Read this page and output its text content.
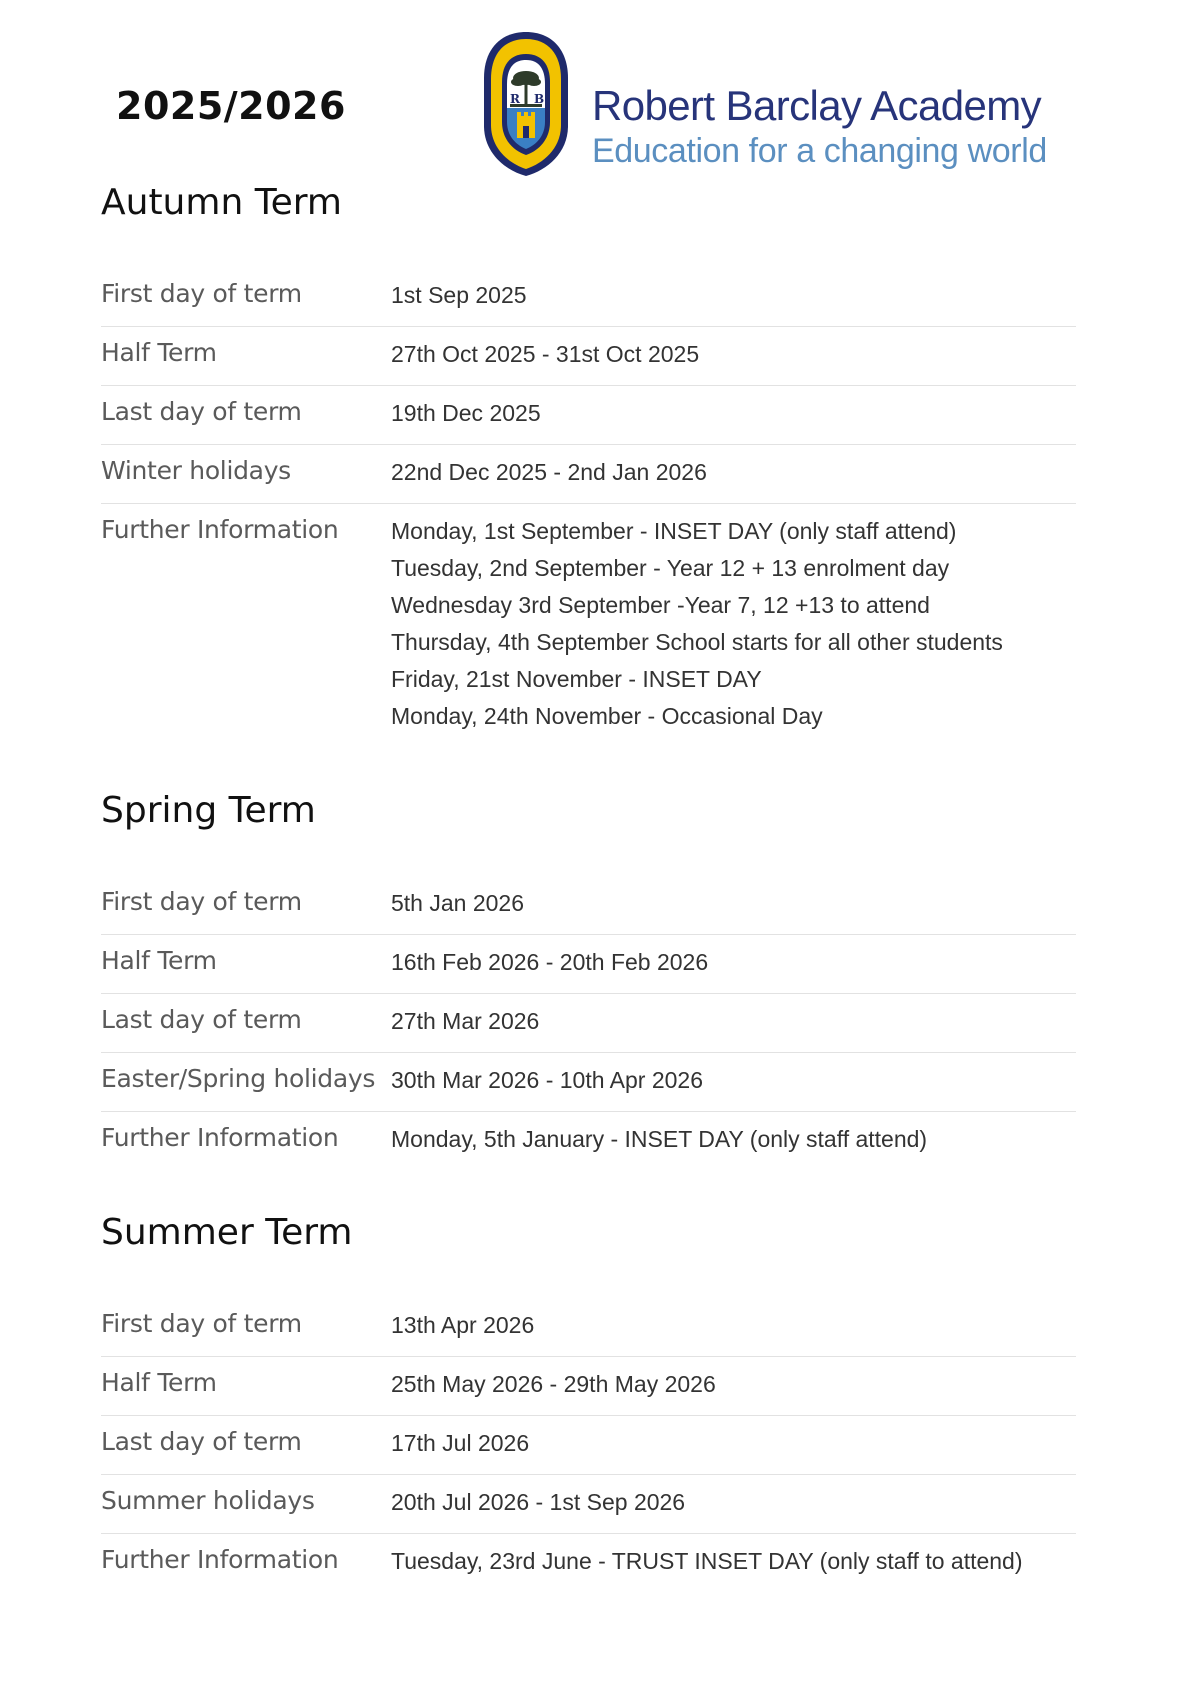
2025/2026	R B Robert Barclay Academy

Education for a changing world

Autumn Term
First day of term	1st Sep 2025
Half Term	27th Oct 2025 - 31st Oct 2025
Last day of term	19th Dec 2025
Winter holidays	22nd Dec 2025 - 2nd Jan 2026
Further Information	Monday, 1st September - INSET DAY (only staff attend)
Tuesday, 2nd September - Year 12 + 13 enrolment day
Wednesday 3rd September -Year 7, 12 +13 to attend
Thursday, 4th September School starts for all other students
Friday, 21st November - INSET DAY
Monday, 24th November - Occasional Day
Spring Term
First day of term	5th Jan 2026
Half Term	16th Feb 2026 - 20th Feb 2026
Last day of term	27th Mar 2026
Easter/Spring holidays 30th Mar 2026 - 10th Apr 2026
Further Information	Monday, 5th January - INSET DAY (only staff attend)
Summer Term
First day of term	13th Apr 2026
Half Term	25th May 2026 - 29th May 2026
Last day of term	17th Jul 2026
Summer holidays	20th Jul 2026 - 1st Sep 2026
Further Information	Tuesday, 23rd June - TRUST INSET DAY (only staff to attend)
